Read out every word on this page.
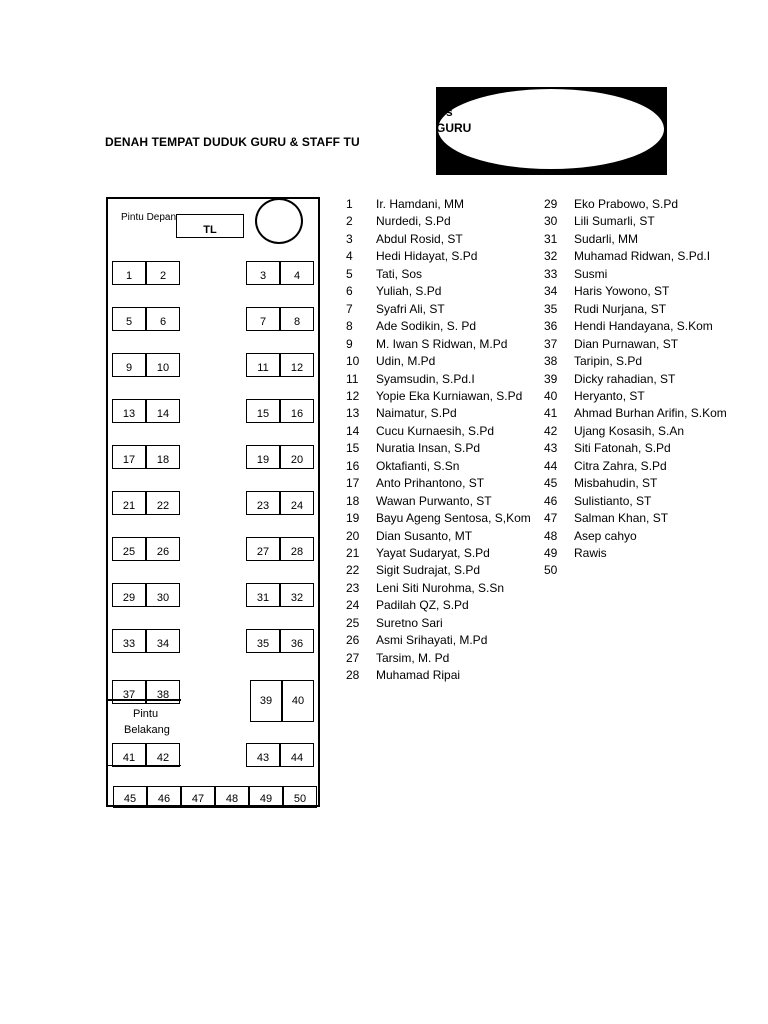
DENAH TEMPAT DUDUK GURU & STAFF TU
s
GURU
Pintu Depan
TL
Pintu
Belakang
1	2	3	4
5	6	7	8
9	10	11	12
13	14	15	16
17	18	19	20
21	22	23	24
25	26	27	28
29	30	31	32
33	34	35	36
37	38	39	40
41	42	43	44
45	46	47	48	49	50
1 Ir. Hamdani, MM
2 Nurdedi, S.Pd
3 Abdul Rosid, ST
4 Hedi Hidayat, S.Pd
5 Tati, Sos
6 Yuliah, S.Pd
7 Syafri Ali, ST
8 Ade Sodikin, S. Pd
9 M. Iwan S Ridwan, M.Pd
10 Udin, M.Pd
11 Syamsudin, S.Pd.I
12 Yopie Eka Kurniawan, S.Pd
13 Naimatur, S.Pd
14 Cucu Kurnaesih, S.Pd
15 Nuratia Insan, S.Pd
16 Oktafianti, S.Sn
17 Anto Prihantono, ST
18 Wawan Purwanto, ST
19 Bayu Ageng Sentosa, S,Kom
20 Dian Susanto, MT
21 Yayat Sudaryat, S.Pd
22 Sigit Sudrajat, S.Pd
23 Leni Siti Nurohma, S.Sn
24 Padilah QZ, S.Pd
25 Suretno Sari
26 Asmi Srihayati, M.Pd
27 Tarsim, M. Pd
28 Muhamad Ripai
29 Eko Prabowo, S.Pd
30 Lili Sumarli, ST
31 Sudarli, MM
32 Muhamad Ridwan, S.Pd.I
33 Susmi
34 Haris Yowono, ST
35 Rudi Nurjana, ST
36 Hendi Handayana, S.Kom
37 Dian Purnawan, ST
38 Taripin, S.Pd
39 Dicky rahadian, ST
40 Heryanto, ST
41 Ahmad Burhan Arifin, S.Kom
42 Ujang Kosasih, S.An
43 Siti Fatonah, S.Pd
44 Citra Zahra, S.Pd
45 Misbahudin, ST
46 Sulistianto, ST
47 Salman Khan, ST
48 Asep cahyo
49 Rawis
50
